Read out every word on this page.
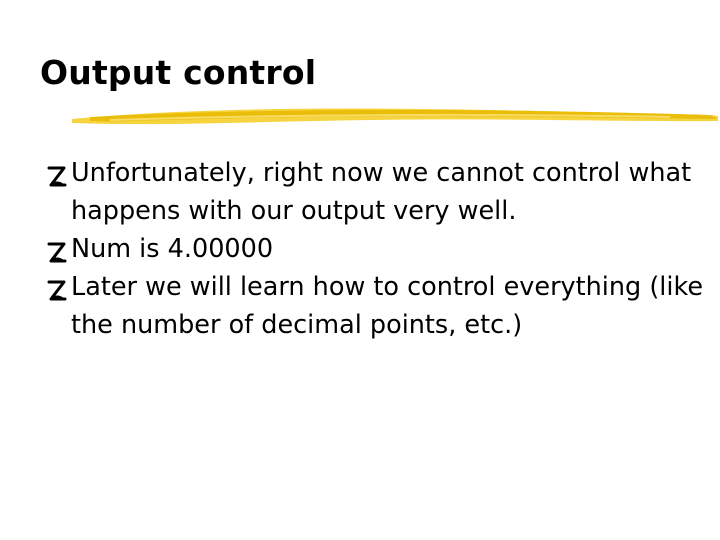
Output control
Unfortunately, right now we cannot control what happens with our output very well.
Num is 4.00000
Later we will learn how to control everything (like the number of decimal points, etc.)
